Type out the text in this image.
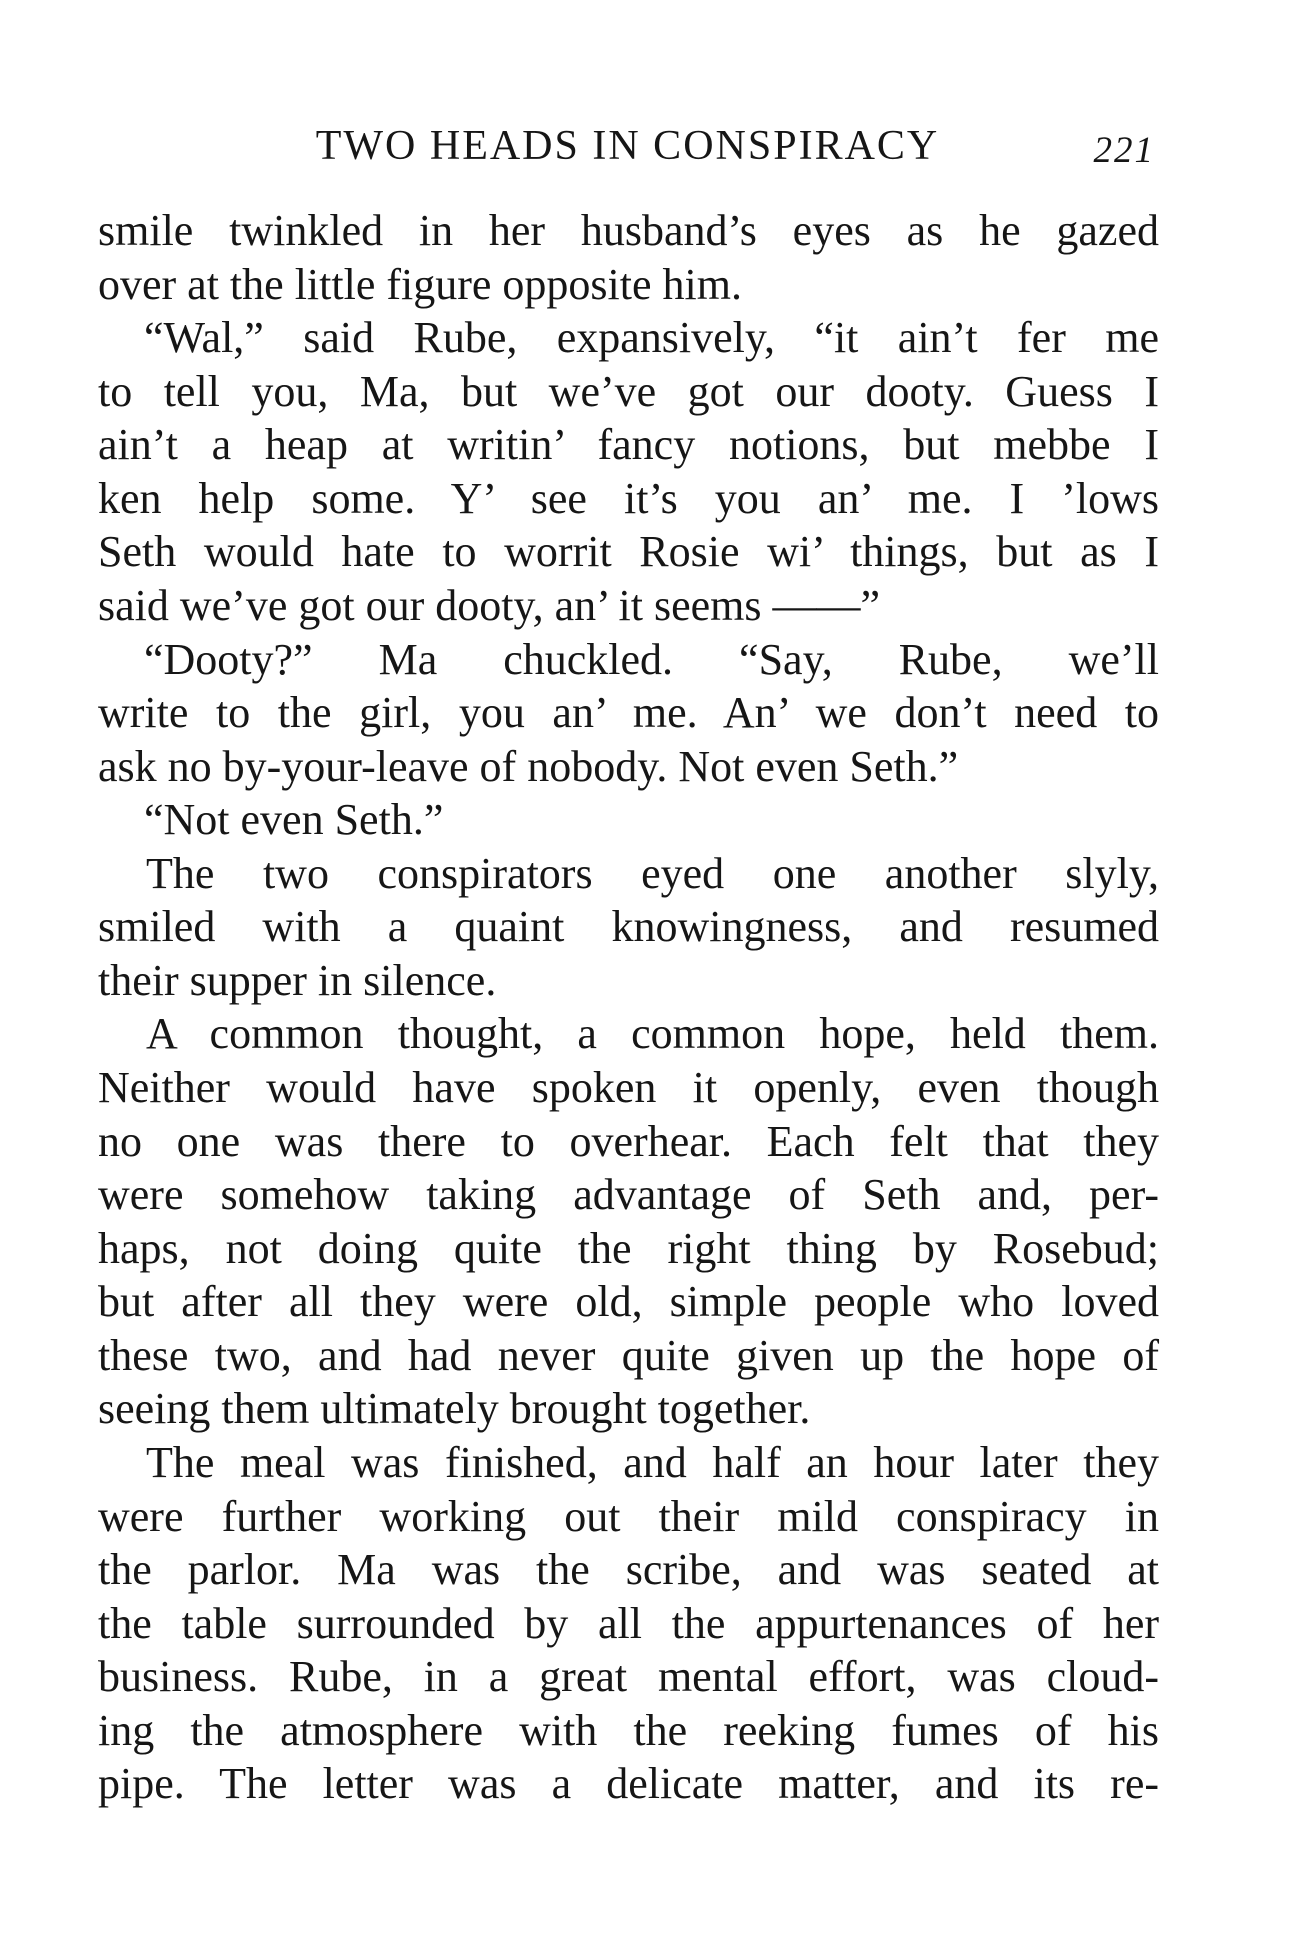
TWO HEADS IN CONSPIRACY	221
smile twinkled in her husband’s eyes as he gazed
over at the little figure opposite him.
“Wal,” said Rube, expansively, “it ain’t fer me
to tell you, Ma, but we’ve got our dooty. Guess I
ain’t a heap at writin’ fancy notions, but mebbe I
ken help some. Y’ see it’s you an’ me. I ’lows
Seth would hate to worrit Rosie wi’ things, but as I
said we’ve got our dooty, an’ it seems ——”
“Dooty?” Ma chuckled. “Say, Rube, we’ll
write to the girl, you an’ me. An’ we don’t need to
ask no by-your-leave of nobody. Not even Seth.”
“Not even Seth.”
The two conspirators eyed one another slyly,
smiled with a quaint knowingness, and resumed
their supper in silence.
A common thought, a common hope, held them.
Neither would have spoken it openly, even though
no one was there to overhear. Each felt that they
were somehow taking advantage of Seth and, per-
haps, not doing quite the right thing by Rosebud;
but after all they were old, simple people who loved
these two, and had never quite given up the hope of
seeing them ultimately brought together.
The meal was finished, and half an hour later they
were further working out their mild conspiracy in
the parlor. Ma was the scribe, and was seated at
the table surrounded by all the appurtenances of her
business. Rube, in a great mental effort, was cloud-
ing the atmosphere with the reeking fumes of his
pipe. The letter was a delicate matter, and its re-
